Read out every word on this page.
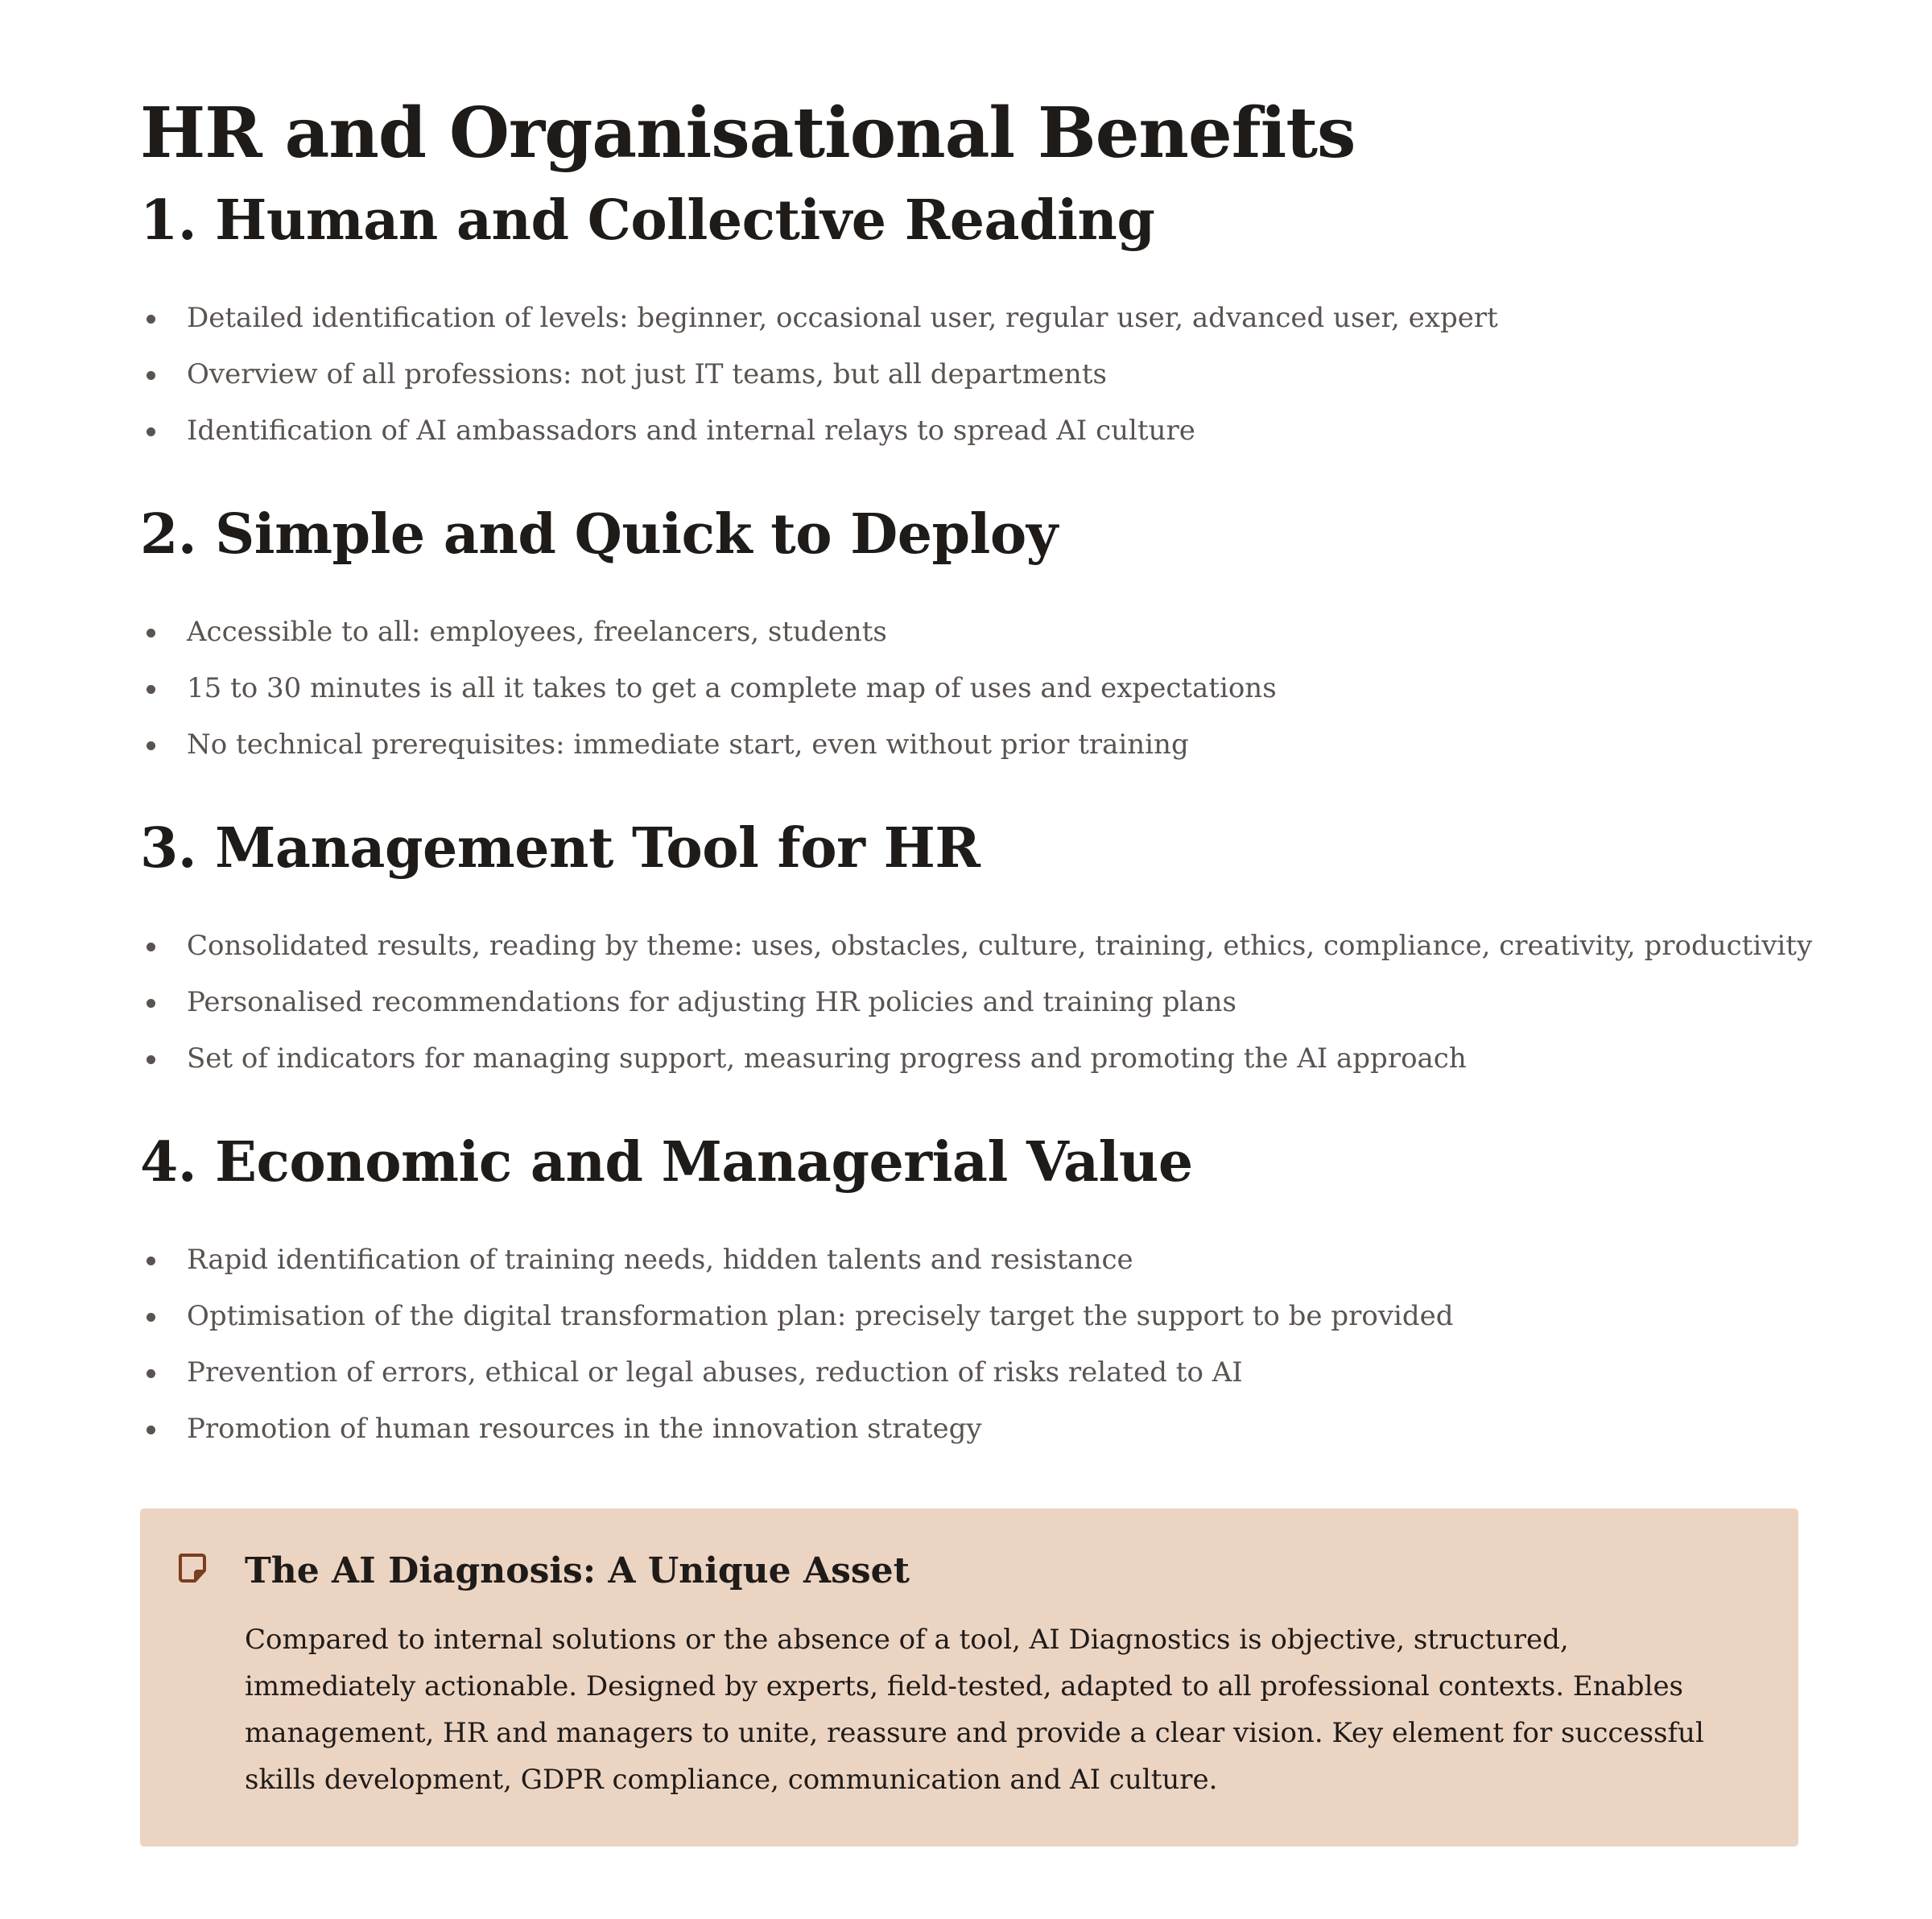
HR and Organisational Benefits
1. Human and Collective Reading
Detailed identification of levels: beginner, occasional user, regular user, advanced user, expert
Overview of all professions: not just IT teams, but all departments
Identification of AI ambassadors and internal relays to spread AI culture
2. Simple and Quick to Deploy
Accessible to all: employees, freelancers, students
15 to 30 minutes is all it takes to get a complete map of uses and expectations
No technical prerequisites: immediate start, even without prior training
3. Management Tool for HR
Consolidated results, reading by theme: uses, obstacles, culture, training, ethics, compliance, creativity, productivity
Personalised recommendations for adjusting HR policies and training plans
Set of indicators for managing support, measuring progress and promoting the AI approach
4. Economic and Managerial Value
Rapid identification of training needs, hidden talents and resistance
Optimisation of the digital transformation plan: precisely target the support to be provided
Prevention of errors, ethical or legal abuses, reduction of risks related to AI
Promotion of human resources in the innovation strategy
The AI Diagnosis: A Unique Asset

Compared to internal solutions or the absence of a tool, AI Diagnostics is objective, structured, immediately actionable. Designed by experts, field-tested, adapted to all professional contexts. Enables management, HR and managers to unite, reassure and provide a clear vision. Key element for successful skills development, GDPR compliance, communication and AI culture.
